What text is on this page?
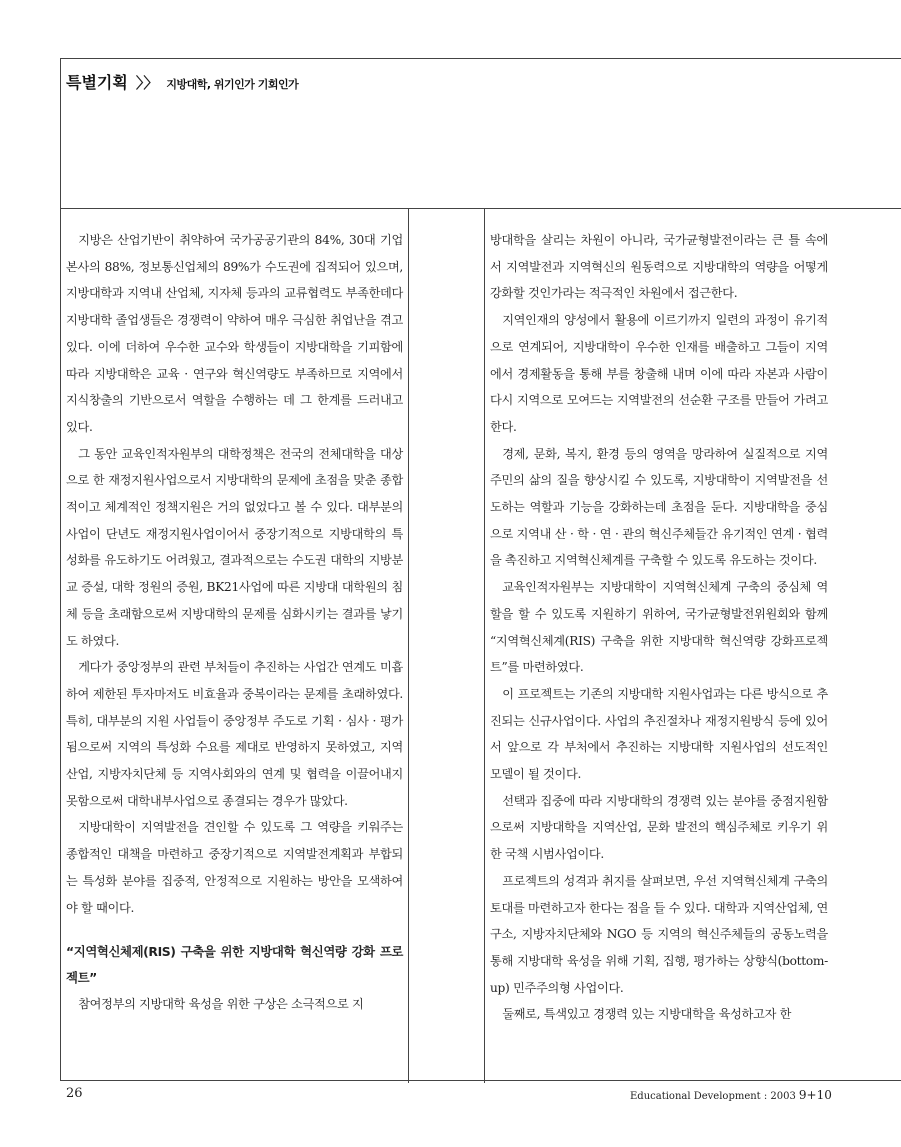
특별기획 〉〉 지방대학, 위기인가 기회인가

지방은 산업기반이 취약하여 국가공공기관의 84%, 30대 기업본사의 88%, 정보통신업체의 89%가 수도권에 집적되어 있으며, 지방대학과 지역내 산업체, 지자체 등과의 교류협력도 부족한데다 지방대학 졸업생들은 경쟁력이 약하여 매우 극심한 취업난을 겪고 있다. 이에 더하여 우수한 교수와 학생들이 지방대학을 기피함에 따라 지방대학은 교육 · 연구와 혁신역량도 부족하므로 지역에서 지식창출의 기반으로서 역할을 수행하는 데 그 한계를 드러내고 있다.

그 동안 교육인적자원부의 대학정책은 전국의 전체대학을 대상으로 한 재정지원사업으로서 지방대학의 문제에 초점을 맞춘 종합적이고 체계적인 정책지원은 거의 없었다고 볼 수 있다. 대부분의 사업이 단년도 재정지원사업이어서 중장기적으로 지방대학의 특성화를 유도하기도 어려웠고, 결과적으로는 수도권 대학의 지방분교 증설, 대학 정원의 증원, BK21사업에 따른 지방대 대학원의 침체 등을 초래함으로써 지방대학의 문제를 심화시키는 결과를 낳기도 하였다.

게다가 중앙정부의 관련 부처들이 추진하는 사업간 연계도 미흡하여 제한된 투자마저도 비효율과 중복이라는 문제를 초래하였다. 특히, 대부분의 지원 사업들이 중앙정부 주도로 기획 · 심사 · 평가됨으로써 지역의 특성화 수요를 제대로 반영하지 못하였고, 지역산업, 지방자치단체 등 지역사회와의 연계 및 협력을 이끌어내지 못함으로써 대학내부사업으로 종결되는 경우가 많았다.

지방대학이 지역발전을 견인할 수 있도록 그 역량을 키워주는 종합적인 대책을 마련하고 중장기적으로 지역발전계획과 부합되는 특성화 분야를 집중적, 안정적으로 지원하는 방안을 모색하여야 할 때이다.

“지역혁신체제(RIS) 구축을 위한 지방대학 혁신역량 강화 프로젝트”

참여정부의 지방대학 육성을 위한 구상은 소극적으로 지

방대학을 살리는 차원이 아니라, 국가균형발전이라는 큰 틀 속에서 지역발전과 지역혁신의 원동력으로 지방대학의 역량을 어떻게 강화할 것인가라는 적극적인 차원에서 접근한다.

지역인재의 양성에서 활용에 이르기까지 일련의 과정이 유기적으로 연계되어, 지방대학이 우수한 인재를 배출하고 그들이 지역에서 경제활동을 통해 부를 창출해 내며 이에 따라 자본과 사람이 다시 지역으로 모여드는 지역발전의 선순환 구조를 만들어 가려고 한다.

경제, 문화, 복지, 환경 등의 영역을 망라하여 실질적으로 지역주민의 삶의 질을 향상시킬 수 있도록, 지방대학이 지역발전을 선도하는 역할과 기능을 강화하는데 초점을 둔다. 지방대학을 중심으로 지역내 산 · 학 · 연 · 관의 혁신주체들간 유기적인 연계 · 협력을 촉진하고 지역혁신체계를 구축할 수 있도록 유도하는 것이다.

교육인적자원부는 지방대학이 지역혁신체계 구축의 중심체 역할을 할 수 있도록 지원하기 위하여, 국가균형발전위원회와 함께 “지역혁신체계(RIS) 구축을 위한 지방대학 혁신역량 강화프로젝트”를 마련하였다.

이 프로젝트는 기존의 지방대학 지원사업과는 다른 방식으로 추진되는 신규사업이다. 사업의 추진절차나 재정지원방식 등에 있어서 앞으로 각 부처에서 추진하는 지방대학 지원사업의 선도적인 모델이 될 것이다.

선택과 집중에 따라 지방대학의 경쟁력 있는 분야를 중점지원함으로써 지방대학을 지역산업, 문화 발전의 핵심주체로 키우기 위한 국책 시범사업이다.

프로젝트의 성격과 취지를 살펴보면, 우선 지역혁신체계 구축의 토대를 마련하고자 한다는 점을 들 수 있다. 대학과 지역산업체, 연구소, 지방자치단체와 NGO 등 지역의 혁신주체들의 공동노력을 통해 지방대학 육성을 위해 기획, 집행, 평가하는 상향식(bottom-up) 민주주의형 사업이다.

둘째로, 특색있고 경쟁력 있는 지방대학을 육성하고자 한

26	Educational Development : 2003 9+10
